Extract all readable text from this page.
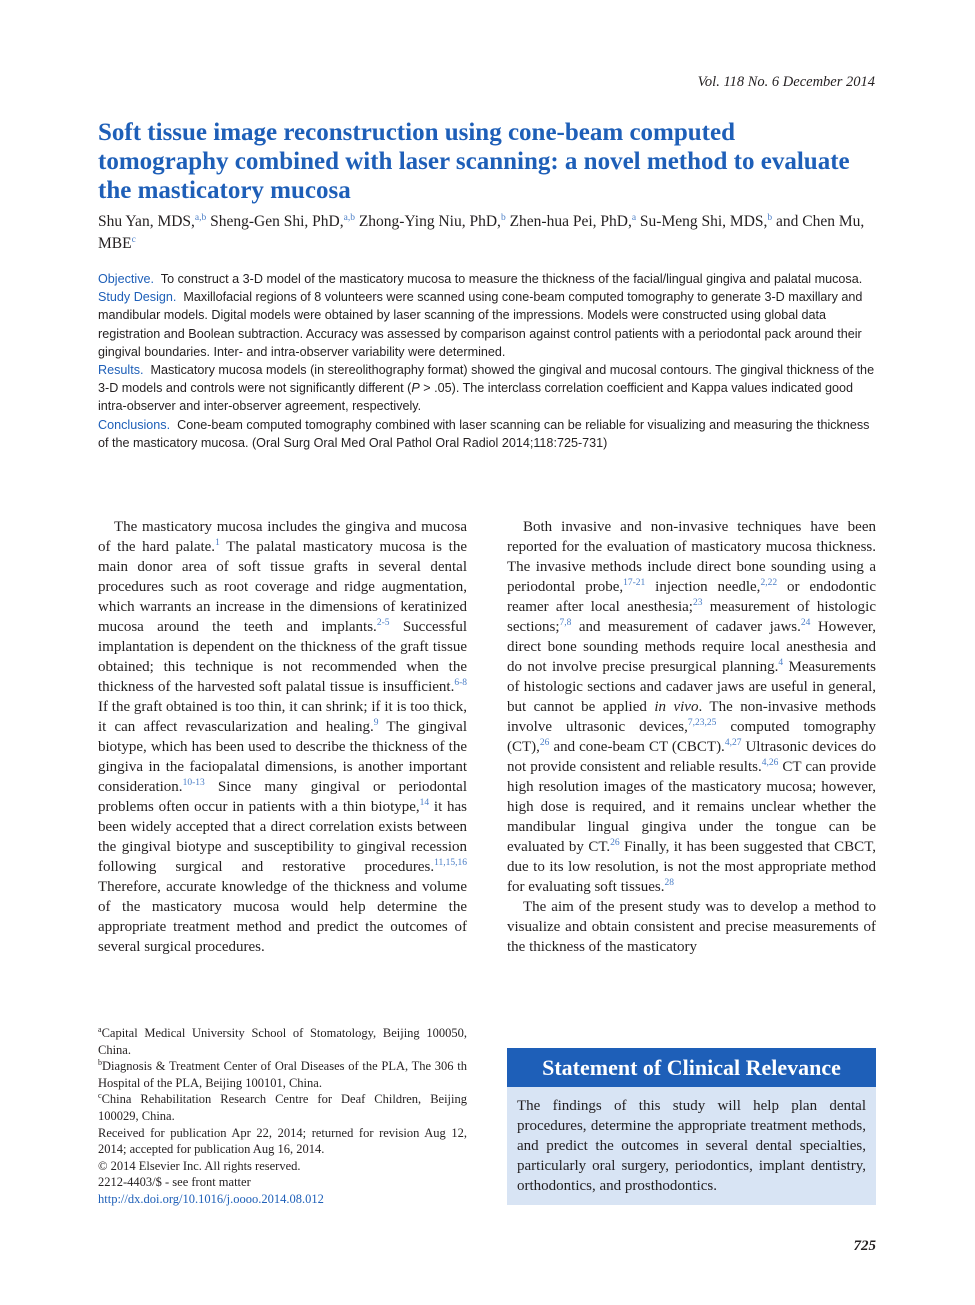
Vol. 118 No. 6 December 2014
Soft tissue image reconstruction using cone-beam computed tomography combined with laser scanning: a novel method to evaluate the masticatory mucosa
Shu Yan, MDS,$^{a,b}$ Sheng-Gen Shi, PhD,$^{a,b}$ Zhong-Ying Niu, PhD,$^b$ Zhen-hua Pei, PhD,$^a$ Su-Meng Shi, MDS,$^b$ and Chen Mu, MBE$^c$

Objective. To construct a 3-D model of the masticatory mucosa to measure the thickness of the facial/lingual gingiva and palatal mucosa.

Study Design. Maxillofacial regions of 8 volunteers were scanned using cone-beam computed tomography to generate 3-D maxillary and mandibular models. Digital models were obtained by laser scanning of the impressions. Models were constructed using global data registration and Boolean subtraction. Accuracy was assessed by comparison against control patients with a periodontal pack around their gingival boundaries. Inter- and intra-observer variability were determined.

Results. Masticatory mucosa models (in stereolithography format) showed the gingival and mucosal contours. The gingival thickness of the 3-D models and controls were not significantly different (P > .05). The interclass correlation coefficient and Kappa values indicated good intra-observer and inter-observer agreement, respectively.

Conclusions. Cone-beam computed tomography combined with laser scanning can be reliable for visualizing and measuring the thickness of the masticatory mucosa. (Oral Surg Oral Med Oral Pathol Oral Radiol 2014;118:725-731)

The masticatory mucosa includes the gingiva and mucosa of the hard palate.$^1$ The palatal masticatory mucosa is the main donor area of soft tissue grafts in several dental procedures such as root coverage and ridge augmentation, which warrants an increase in the dimensions of keratinized mucosa around the teeth and implants.$^{2-5}$ Successful implantation is dependent on the thickness of the graft tissue obtained; this technique is not recommended when the thickness of the harvested soft palatal tissue is insufficient.$^{6-8}$ If the graft obtained is too thin, it can shrink; if it is too thick, it can affect revascularization and healing.$^9$ The gingival biotype, which has been used to describe the thickness of the gingiva in the faciopalatal dimensions, is another important consideration.$^{10-13}$ Since many gingival or periodontal problems often occur in patients with a thin biotype,$^{14}$ it has been widely accepted that a direct correlation exists between the gingival biotype and susceptibility to gingival recession following surgical and restorative procedures.$^{11,15,16}$ Therefore, accurate knowledge of the thickness and volume of the masticatory mucosa would help determine the appropriate treatment method and predict the outcomes of several surgical procedures.

Both invasive and non-invasive techniques have been reported for the evaluation of masticatory mucosa thickness. The invasive methods include direct bone sounding using a periodontal probe,$^{17-21}$ injection needle,$^{2,22}$ or endodontic reamer after local anesthesia;$^{23}$ measurement of histologic sections;$^{7,8}$ and measurement of cadaver jaws.$^{24}$ However, direct bone sounding methods require local anesthesia and do not involve precise presurgical planning.$^4$ Measurements of histologic sections and cadaver jaws are useful in general, but cannot be applied in vivo. The non-invasive methods involve ultrasonic devices,$^{7,23,25}$ computed tomography (CT),$^{26}$ and cone-beam CT (CBCT).$^{4,27}$ Ultrasonic devices do not provide consistent and reliable results.$^{4,26}$ CT can provide high resolution images of the masticatory mucosa; however, high dose is required, and it remains unclear whether the mandibular lingual gingiva under the tongue can be evaluated by CT.$^{26}$ Finally, it has been suggested that CBCT, due to its low resolution, is not the most appropriate method for evaluating soft tissues.$^{28}$

The aim of the present study was to develop a method to visualize and obtain consistent and precise measurements of the thickness of the masticatory

$^a$Capital Medical University School of Stomatology, Beijing 100050, China.

$^b$Diagnosis & Treatment Center of Oral Diseases of the PLA, The 306 th Hospital of the PLA, Beijing 100101, China.

$^c$China Rehabilitation Research Centre for Deaf Children, Beijing 100029, China.

Received for publication Apr 22, 2014; returned for revision Aug 12, 2014; accepted for publication Aug 16, 2014.

© 2014 Elsevier Inc. All rights reserved.

2212-4403/$ - see front matter

http://dx.doi.org/10.1016/j.oooo.2014.08.012

Statement of Clinical Relevance
The findings of this study will help plan dental procedures, determine the appropriate treatment methods, and predict the outcomes in several dental specialties, particularly oral surgery, periodontics, implant dentistry, orthodontics, and prosthodontics.
725
